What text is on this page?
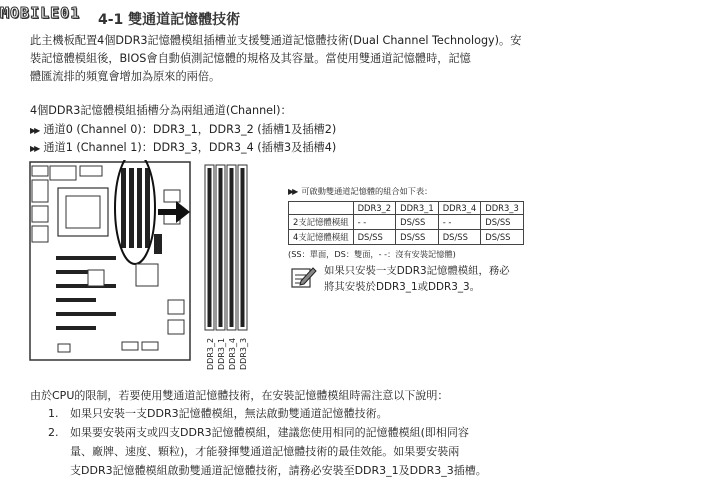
MOBILE01 4-1 雙通道記憶體技術
此主機板配置4個DDR3記憶體模組插槽並支援雙通道記憶體技術(Dual Channel Technology)。安
裝記憶體模組後，BIOS會自動偵測記憶體的規格及其容量。當使用雙通道記憶體時，記憶
體匯流排的頻寬會增加為原來的兩倍。
4個DDR3記憶體模組插槽分為兩組通道(Channel)：
▶▶ 通道0 (Channel 0)：DDR3_1，DDR3_2 (插槽1及插槽2)
▶▶ 通道1 (Channel 1)：DDR3_3，DDR3_4 (插槽3及插槽4)
DDR3_2 DDR3_1 DDR3_4 DDR3_3
▶▶ 可啟動雙通道記憶體的組合如下表：
	DDR3_2	DDR3_1	DDR3_4	DDR3_3
2支記憶體模組	- -	DS/SS	- -	DS/SS
4支記憶體模組	DS/SS	DS/SS	DS/SS	DS/SS
(SS：單面，DS：雙面，- -：沒有安裝記憶體)
如果只安裝一支DDR3記憶體模組，務必
將其安裝於DDR3_1或DDR3_3。
由於CPU的限制，若要使用雙通道記憶體技術，在安裝記憶體模組時需注意以下說明：
1. 如果只安裝一支DDR3記憶體模組，無法啟動雙通道記憶體技術。
2. 如果要安裝兩支或四支DDR3記憶體模組，建議您使用相同的記憶體模組(即相同容
量、廠牌、速度、顆粒)，才能發揮雙通道記憶體技術的最佳效能。如果要安裝兩
支DDR3記憶體模組啟動雙通道記憶體技術，請務必安裝至DDR3_1及DDR3_3插槽。
